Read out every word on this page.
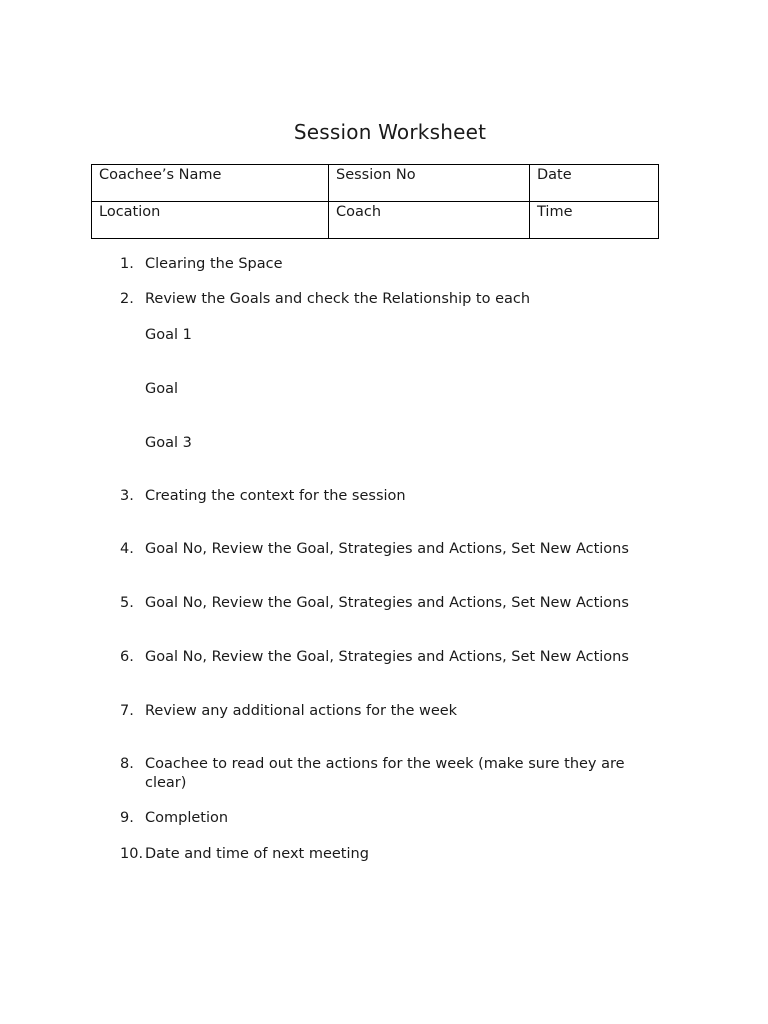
Session Worksheet
Coachee’s Name	Session No	Date
Location	Coach	Time
1. Clearing the Space
2. Review the Goals and check the Relationship to each
Goal 1
Goal
Goal 3
3. Creating the context for the session
4. Goal No, Review the Goal, Strategies and Actions, Set New Actions
5. Goal No, Review the Goal, Strategies and Actions, Set New Actions
6. Goal No, Review the Goal, Strategies and Actions, Set New Actions
7. Review any additional actions for the week
8. Coachee to read out the actions for the week (make sure they are clear)
9. Completion
10. Date and time of next meeting
